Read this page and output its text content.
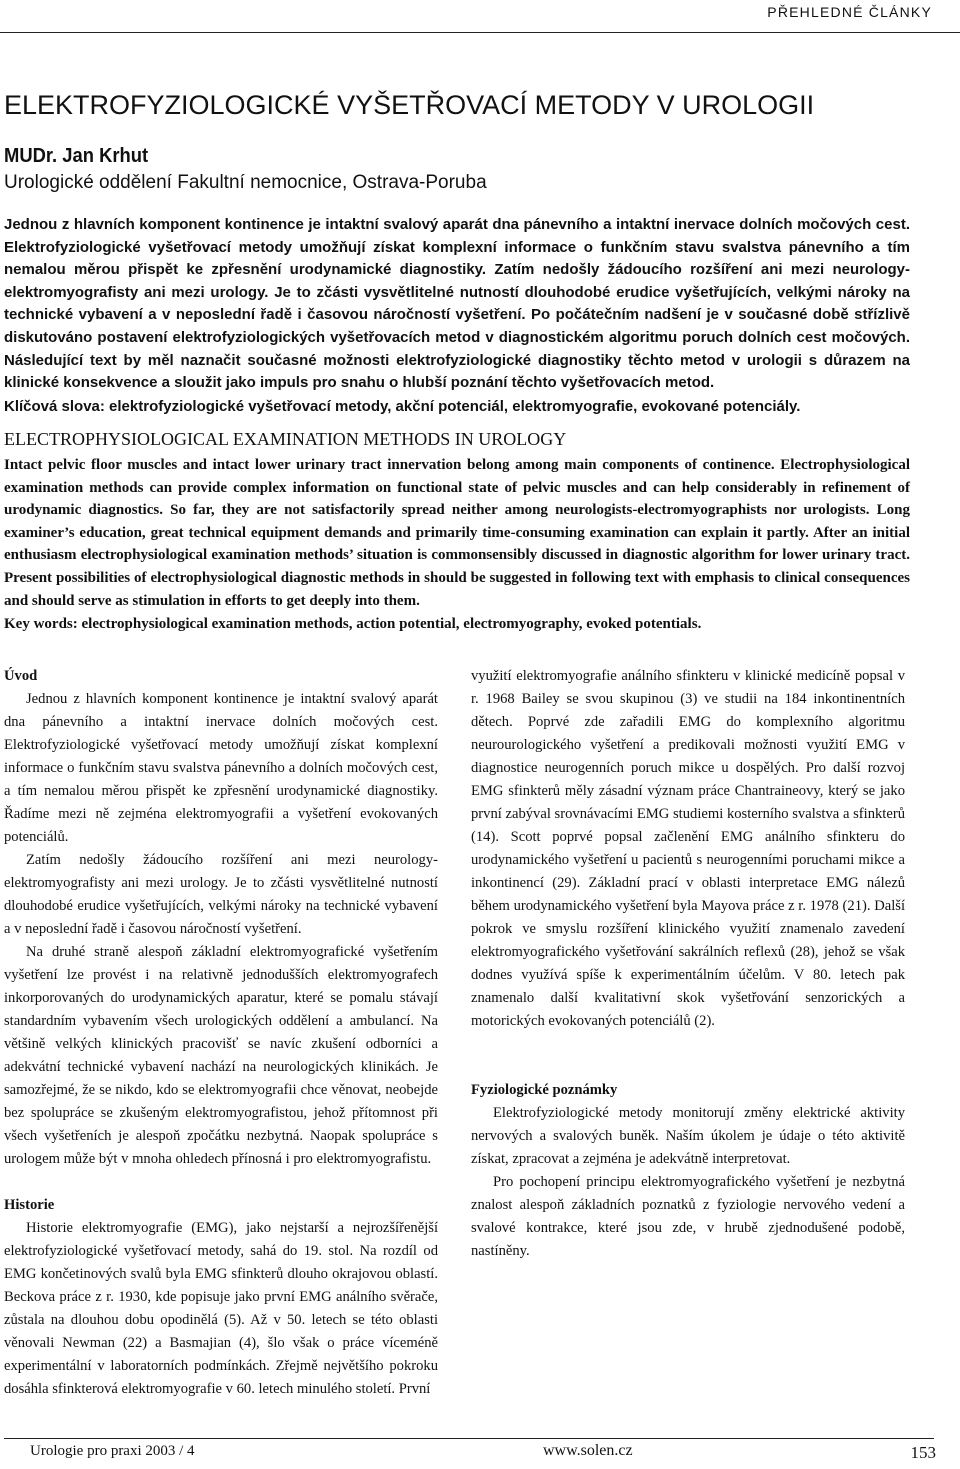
PŘEHLEDNÉ ČLÁNKY
ELEKTROFYZIOLOGICKÉ VYŠETŘOVACÍ METODY V UROLOGII
MUDr. Jan Krhut
Urologické oddělení Fakultní nemocnice, Ostrava-Poruba

Jednou z hlavních komponent kontinence je intaktní svalový aparát dna pánevního a intaktní inervace dolních močových cest. Elektrofyziologické vyšetřovací metody umožňují získat komplexní informace o funkčním stavu svalstva pánevního a tím nemalou měrou přispět ke zpřesnění urodynamické diagnostiky. Zatím nedošly žádoucího rozšíření ani mezi neurology-elektromyografisty ani mezi urology. Je to zčásti vysvětlitelné nutností dlouhodobé erudice vyšetřujících, velkými nároky na technické vybavení a v neposlední řadě i časovou náročností vyšetření. Po počátečním nadšení je v současné době střízlivě diskutováno postavení elektrofyziologických vyšetřovacích metod v diagnostickém algoritmu poruch dolních cest močových. Následující text by měl naznačit současné možnosti elektrofyziologické diagnostiky těchto metod v urologii s důrazem na klinické konsekvence a sloužit jako impuls pro snahu o hlubší poznání těchto vyšetřovacích metod.

Klíčová slova: elektrofyziologické vyšetřovací metody, akční potenciál, elektromyografie, evokované potenciály.

ELECTROPHYSIOLOGICAL EXAMINATION METHODS IN UROLOGY

Intact pelvic floor muscles and intact lower urinary tract innervation belong among main components of continence. Electrophysiological examination methods can provide complex information on functional state of pelvic muscles and can help considerably in refinement of urodynamic diagnostics. So far, they are not satisfactorily spread neither among neurologists-electromyographists nor urologists. Long examiner’s education, great technical equipment demands and primarily time-consuming examination can explain it partly. After an initial enthusiasm electrophysiological examination methods’ situation is commonsensibly discussed in diagnostic algorithm for lower urinary tract. Present possibilities of electrophysiological diagnostic methods in should be suggested in following text with emphasis to clinical consequences and should serve as stimulation in efforts to get deeply into them.

Key words: electrophysiological examination methods, action potential, electromyography, evoked potentials.

Úvod

Jednou z hlavních komponent kontinence je intaktní svalový aparát dna pánevního a intaktní inervace dolních močových cest. Elektrofyziologické vyšetřovací metody umožňují získat komplexní informace o funkčním stavu svalstva pánevního a dolních močových cest, a tím nemalou měrou přispět ke zpřesnění urodynamické diagnostiky. Řadíme mezi ně zejména elektromyografii a vyšetření evokovaných potenciálů.

Zatím nedošly žádoucího rozšíření ani mezi neurology-elektromyografisty ani mezi urology. Je to zčásti vysvětlitelné nutností dlouhodobé erudice vyšetřujících, velkými nároky na technické vybavení a v neposlední řadě i časovou náročností vyšetření.

Na druhé straně alespoň základní elektromyografické vyšetřením vyšetření lze provést i na relativně jednodušších elektromyografech inkorporovaných do urodynamických aparatur, které se pomalu stávají standardním vybavením všech urologických oddělení a ambulancí. Na většině velkých klinických pracovišť se navíc zkušení odborníci a adekvátní technické vybavení nachází na neurologických klinikách. Je samozřejmé, že se nikdo, kdo se elektromyografii chce věnovat, neobejde bez spolupráce se zkušeným elektromyografistou, jehož přítomnost při všech vyšetřeních je alespoň zpočátku nezbytná. Naopak spolupráce s urologem může být v mnoha ohledech přínosná i pro elektromyografistu.

Historie

Historie elektromyografie (EMG), jako nejstarší a nejrozšířenější elektrofyziologické vyšetřovací metody, sahá do 19. stol. Na rozdíl od EMG končetinových svalů byla EMG sfinkterů dlouho okrajovou oblastí. Beckova práce z r. 1930, kde popisuje jako první EMG análního svěrače, zůstala na dlouhou dobu opodinělá (5). Až v 50. letech se této oblasti věnovali Newman (22) a Basmajian (4), šlo však o práce víceméně experimentální v laboratorních podmínkách. Zřejmě největšího pokroku dosáhla sfinkterová elektromyografie v 60. letech minulého století. První

využití elektromyografie análního sfinkteru v klinické medicíně popsal v r. 1968 Bailey se svou skupinou (3) ve studii na 184 inkontinentních dětech. Poprvé zde zařadili EMG do komplexního algoritmu neurourologického vyšetření a predikovali možnosti využití EMG v diagnostice neurogenních poruch mikce u dospělých. Pro další rozvoj EMG sfinkterů měly zásadní význam práce Chantraineovy, který se jako první zabýval srovnávacími EMG studiemi kosterního svalstva a sfinkterů (14). Scott poprvé popsal začlenění EMG análního sfinkteru do urodynamického vyšetření u pacientů s neurogenními poruchami mikce a inkontinencí (29). Základní prací v oblasti interpretace EMG nálezů během urodynamického vyšetření byla Mayova práce z r. 1978 (21). Další pokrok ve smyslu rozšíření klinického využití znamenalo zavedení elektromyografického vyšetřování sakrálních reflexů (28), jehož se však dodnes využívá spíše k experimentálním účelům. V 80. letech pak znamenalo další kvalitativní skok vyšetřování senzorických a motorických evokovaných potenciálů (2).

Fyziologické poznámky

Elektrofyziologické metody monitorují změny elektrické aktivity nervových a svalových buněk. Naším úkolem je údaje o této aktivitě získat, zpracovat a zejména je adekvátně interpretovat.

Pro pochopení principu elektromyografického vyšetření je nezbytná znalost alespoň základních poznatků z fyziologie nervového vedení a svalové kontrakce, které jsou zde, v hrubě zjednodušené podobě, nastíněny.

Urologie pro praxi 2003 / 4	www.solen.cz	153
